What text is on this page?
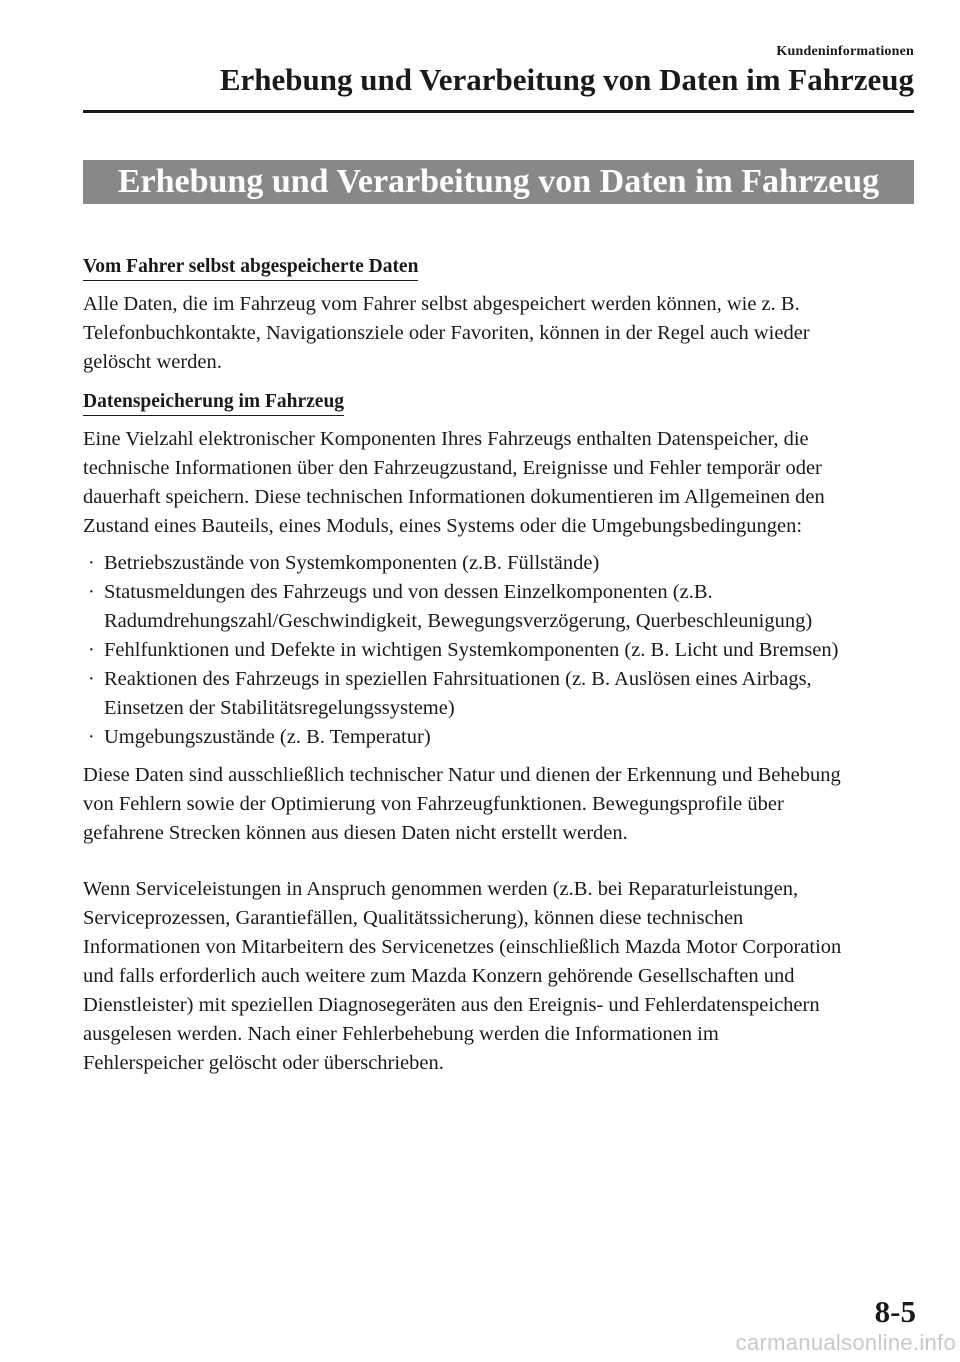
Kundeninformationen
Erhebung und Verarbeitung von Daten im Fahrzeug
Erhebung und Verarbeitung von Daten im Fahrzeug
Vom Fahrer selbst abgespeicherte Daten

Alle Daten, die im Fahrzeug vom Fahrer selbst abgespeichert werden können, wie z. B.
Telefonbuchkontakte, Navigationsziele oder Favoriten, können in der Regel auch wieder
gelöscht werden.

Datenspeicherung im Fahrzeug

Eine Vielzahl elektronischer Komponenten Ihres Fahrzeugs enthalten Datenspeicher, die
technische Informationen über den Fahrzeugzustand, Ereignisse und Fehler temporär oder
dauerhaft speichern. Diese technischen Informationen dokumentieren im Allgemeinen den
Zustand eines Bauteils, eines Moduls, eines Systems oder die Umgebungsbedingungen:

· Betriebszustände von Systemkomponenten (z.B. Füllstände)
· Statusmeldungen des Fahrzeugs und von dessen Einzelkomponenten (z.B.
Radumdrehungszahl/Geschwindigkeit, Bewegungsverzögerung, Querbeschleunigung)
· Fehlfunktionen und Defekte in wichtigen Systemkomponenten (z. B. Licht und Bremsen)
· Reaktionen des Fahrzeugs in speziellen Fahrsituationen (z. B. Auslösen eines Airbags,
Einsetzen der Stabilitätsregelungssysteme)
· Umgebungszustände (z. B. Temperatur)

Diese Daten sind ausschließlich technischer Natur und dienen der Erkennung und Behebung
von Fehlern sowie der Optimierung von Fahrzeugfunktionen. Bewegungsprofile über
gefahrene Strecken können aus diesen Daten nicht erstellt werden.

Wenn Serviceleistungen in Anspruch genommen werden (z.B. bei Reparaturleistungen,
Serviceprozessen, Garantiefällen, Qualitätssicherung), können diese technischen
Informationen von Mitarbeitern des Servicenetzes (einschließlich Mazda Motor Corporation
und falls erforderlich auch weitere zum Mazda Konzern gehörende Gesellschaften und
Dienstleister) mit speziellen Diagnosegeräten aus den Ereignis- und Fehlerdatenspeichern
ausgelesen werden. Nach einer Fehlerbehebung werden die Informationen im
Fehlerspeicher gelöscht oder überschrieben.

8-5
carmanualsonline.info
